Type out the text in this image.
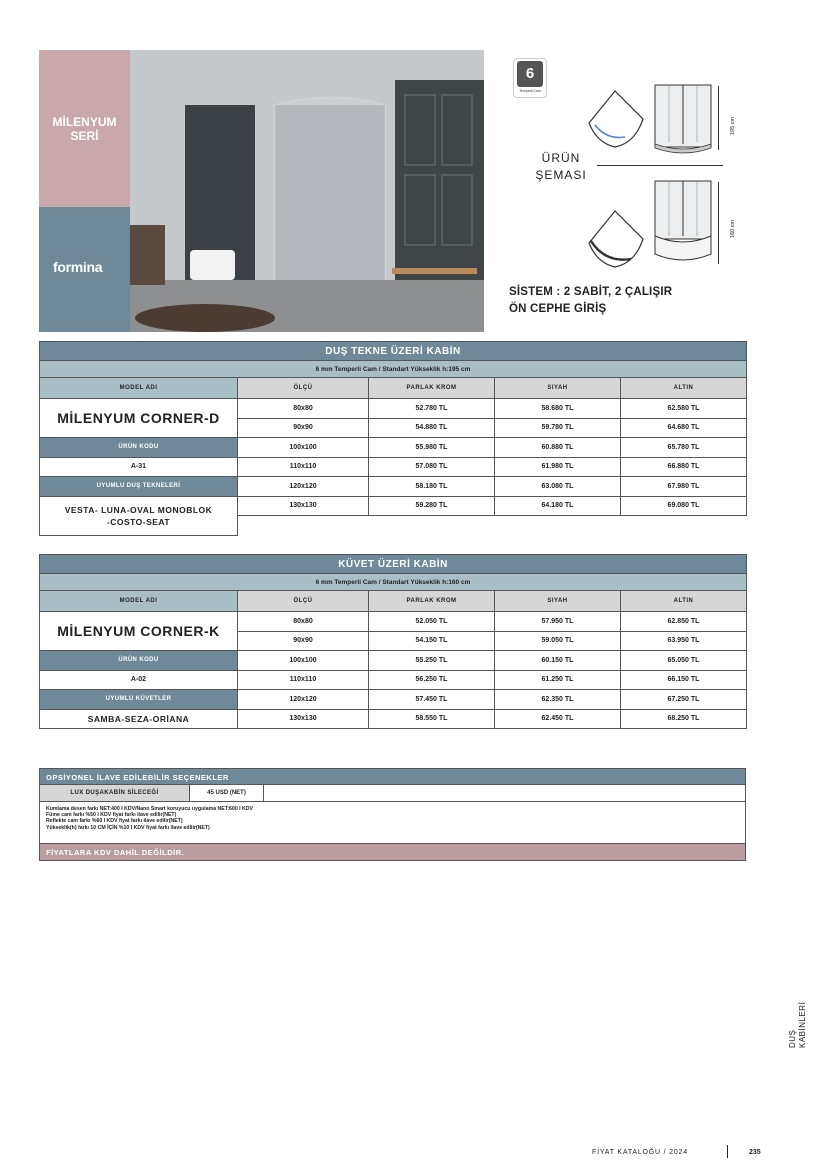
MİLENYUM
SERİ
formina
6
Temperli Cam
ÜRÜN
ŞEMASI
195 cm
160 cm
SİSTEM : 2 SABİT, 2 ÇALIŞIR
ÖN CEPHE GİRİŞ
DUŞ TEKNE ÜZERİ KABİN				
6 mm Temperli Cam / Standart Yükseklik h:195 cm				
MODEL ADI	ÖLÇÜ	PARLAK KROM	SIYAH	ALTIN
MİLENYUM CORNER-D	80x80	52.780 TL	58.680 TL	62.580 TL
	90x90	54.880 TL	59.780 TL	64.680 TL
ÜRÜN KODU	100x100	55.980 TL	60.880 TL	65.780 TL
A-31	110x110	57.080 TL	61.980 TL	66.880 TL
UYUMLU DUŞ TEKNELERİ	120x120	58.180 TL	63.080 TL	67.980 TL
VESTA- LUNA-OVAL MONOBLOK
-COSTO-SEAT	130x130	59.280 TL	64.180 TL	69.080 TL

KÜVET ÜZERİ KABİN				
6 mm Temperli Cam / Standart Yükseklik h:160 cm				
MODEL ADI	ÖLÇÜ	PARLAK KROM	SIYAH	ALTIN
MİLENYUM CORNER-K	80x80	52.050 TL	57.950 TL	62.850 TL
	90x90	54.150 TL	59.050 TL	63.950 TL
ÜRÜN KODU	100x100	55.250 TL	60.150 TL	65.050 TL
A-02	110x110	56.250 TL	61.250 TL	66.150 TL
UYUMLU KÜVETLER	120x120	57.450 TL	62.350 TL	67.250 TL
SAMBA-SEZA-ORİANA	130x130	58.550 TL	62.450 TL	68.250 TL
OPSİYONEL İLAVE EDİLEBİLİR SEÇENEKLER
LUX DUŞAKABİN SİLECEĞİ	45 USD (NET)
Kumlama desen farkı NET:400 I KDV/Nano Smart koruyucu uygulama NET:600 I KDV
Füme cam farkı %50 I KDV fiyat farkı ilave edilir(NET)
Reflekte cam farkı %60 I KDV fiyat farkı ilave edilir(NET)
Yükseklik(h) farkı 10 CM İÇİN %10 I KDV fiyat farkı ilave edilir(NET)
FİYATLARA KDV DAHİL DEĞİLDİR.
DUŞ KABİNLERİ
FİYAT KATALOĞU / 2024	235
